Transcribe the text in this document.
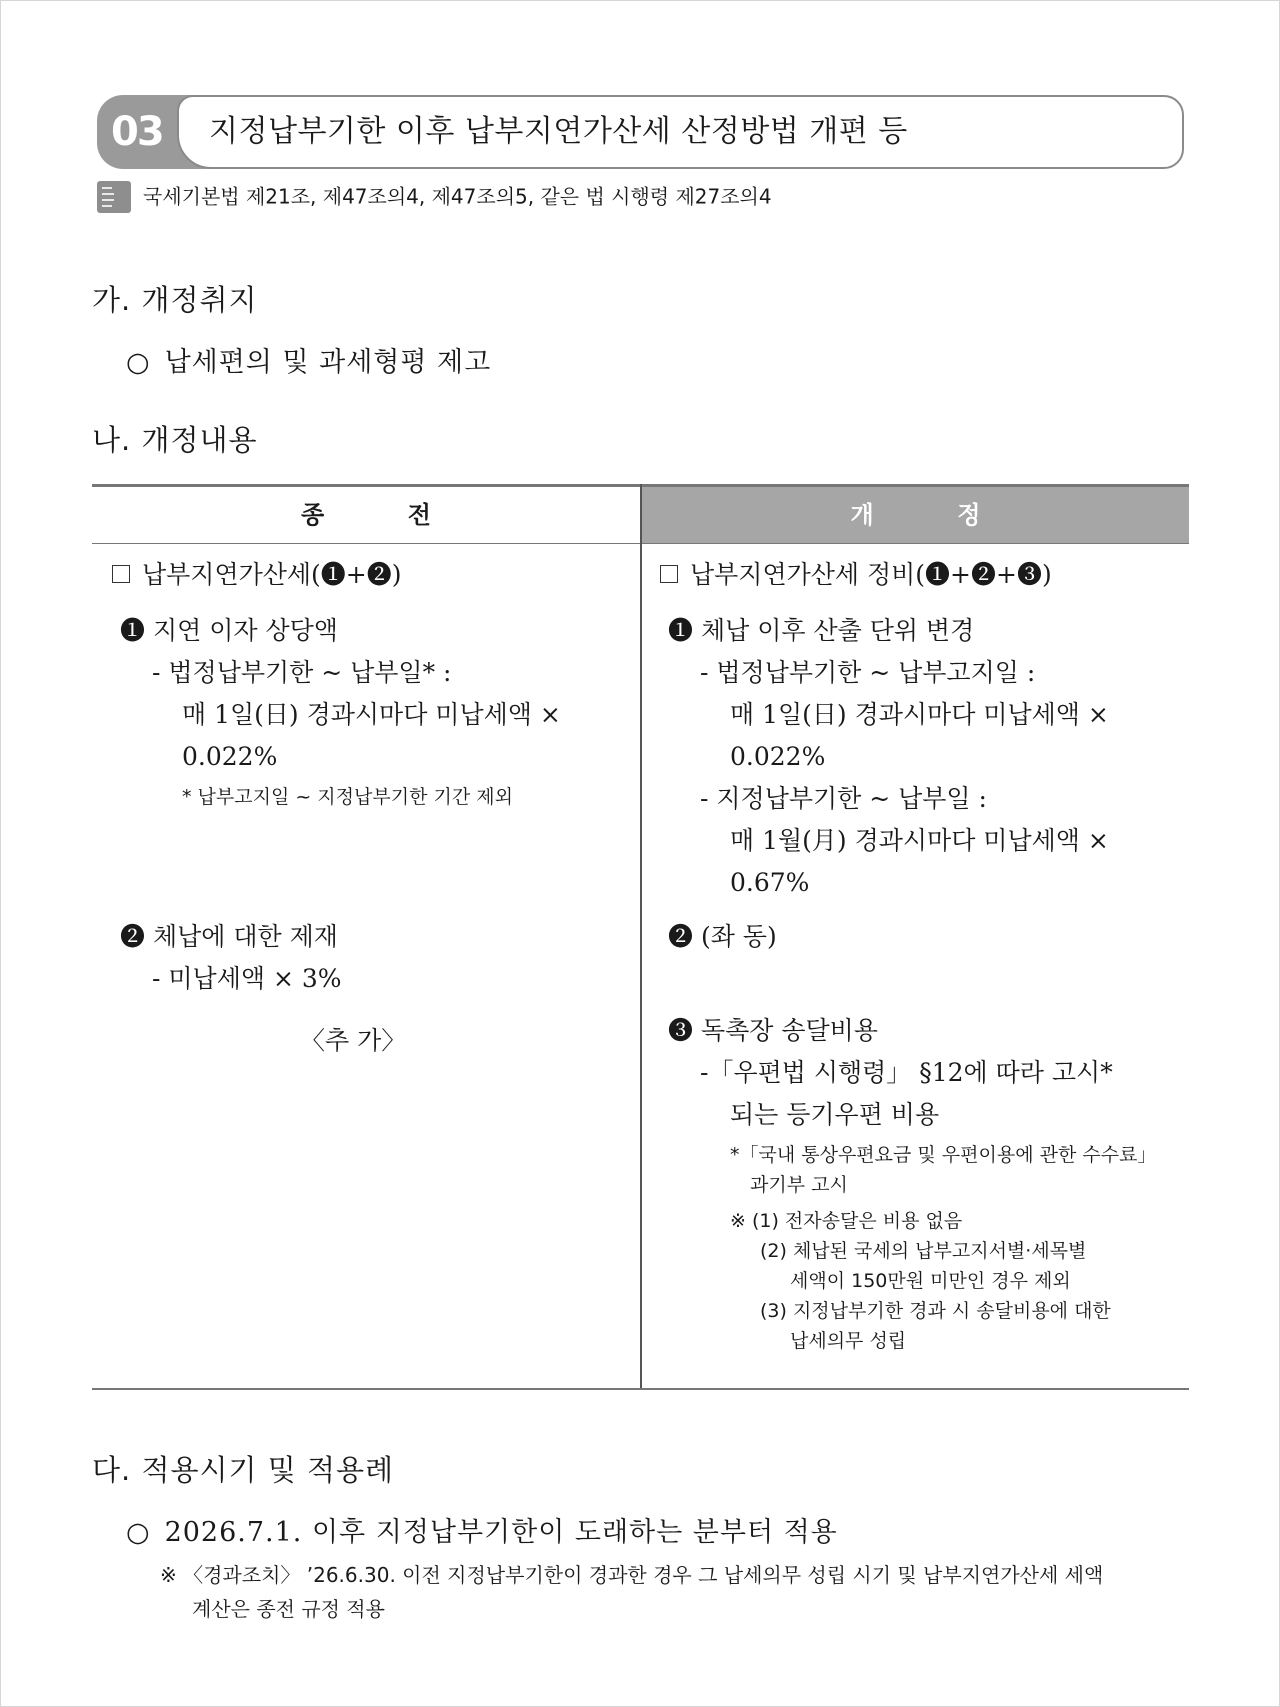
03	지정납부기한 이후 납부지연가산세 산정방법 개편 등
국세기본법 제21조, 제47조의4, 제47조의5, 같은 법 시행령 제27조의4
가. 개정취지
○ 납세편의 및 과세형평 제고
나. 개정내용
종          전	개          정
납부지연가산세(❶+❷)
❶ 지연 이자 상당액
- 법정납부기한 ~ 납부일* :
매 1일(日) 경과시마다 미납세액 ×
0.022%
* 납부고지일 ~ 지정납부기한 기간 제외
❷ 체납에 대한 제재
- 미납세액 × 3%
〈추 가〉
납부지연가산세 정비(❶+❷+❸)
❶ 체납 이후 산출 단위 변경
- 법정납부기한 ~ 납부고지일 :
매 1일(日) 경과시마다 미납세액 ×
0.022%
- 지정납부기한 ~ 납부일 :
매 1월(月) 경과시마다 미납세액 ×
0.67%
❷ (좌 동)
❸ 독촉장 송달비용
-「우편법 시행령」 §12에 따라 고시*
되는 등기우편 비용
*「국내 통상우편요금 및 우편이용에 관한 수수료」
과기부 고시
※ (1) 전자송달은 비용 없음
(2) 체납된 국세의 납부고지서별·세목별
세액이 150만원 미만인 경우 제외
(3) 지정납부기한 경과 시 송달비용에 대한
납세의무 성립
다. 적용시기 및 적용례
○ 2026.7.1. 이후 지정납부기한이 도래하는 분부터 적용
※ 〈경과조치〉 ’26.6.30. 이전 지정납부기한이 경과한 경우 그 납세의무 성립 시기 및 납부지연가산세 세액
계산은 종전 규정 적용
